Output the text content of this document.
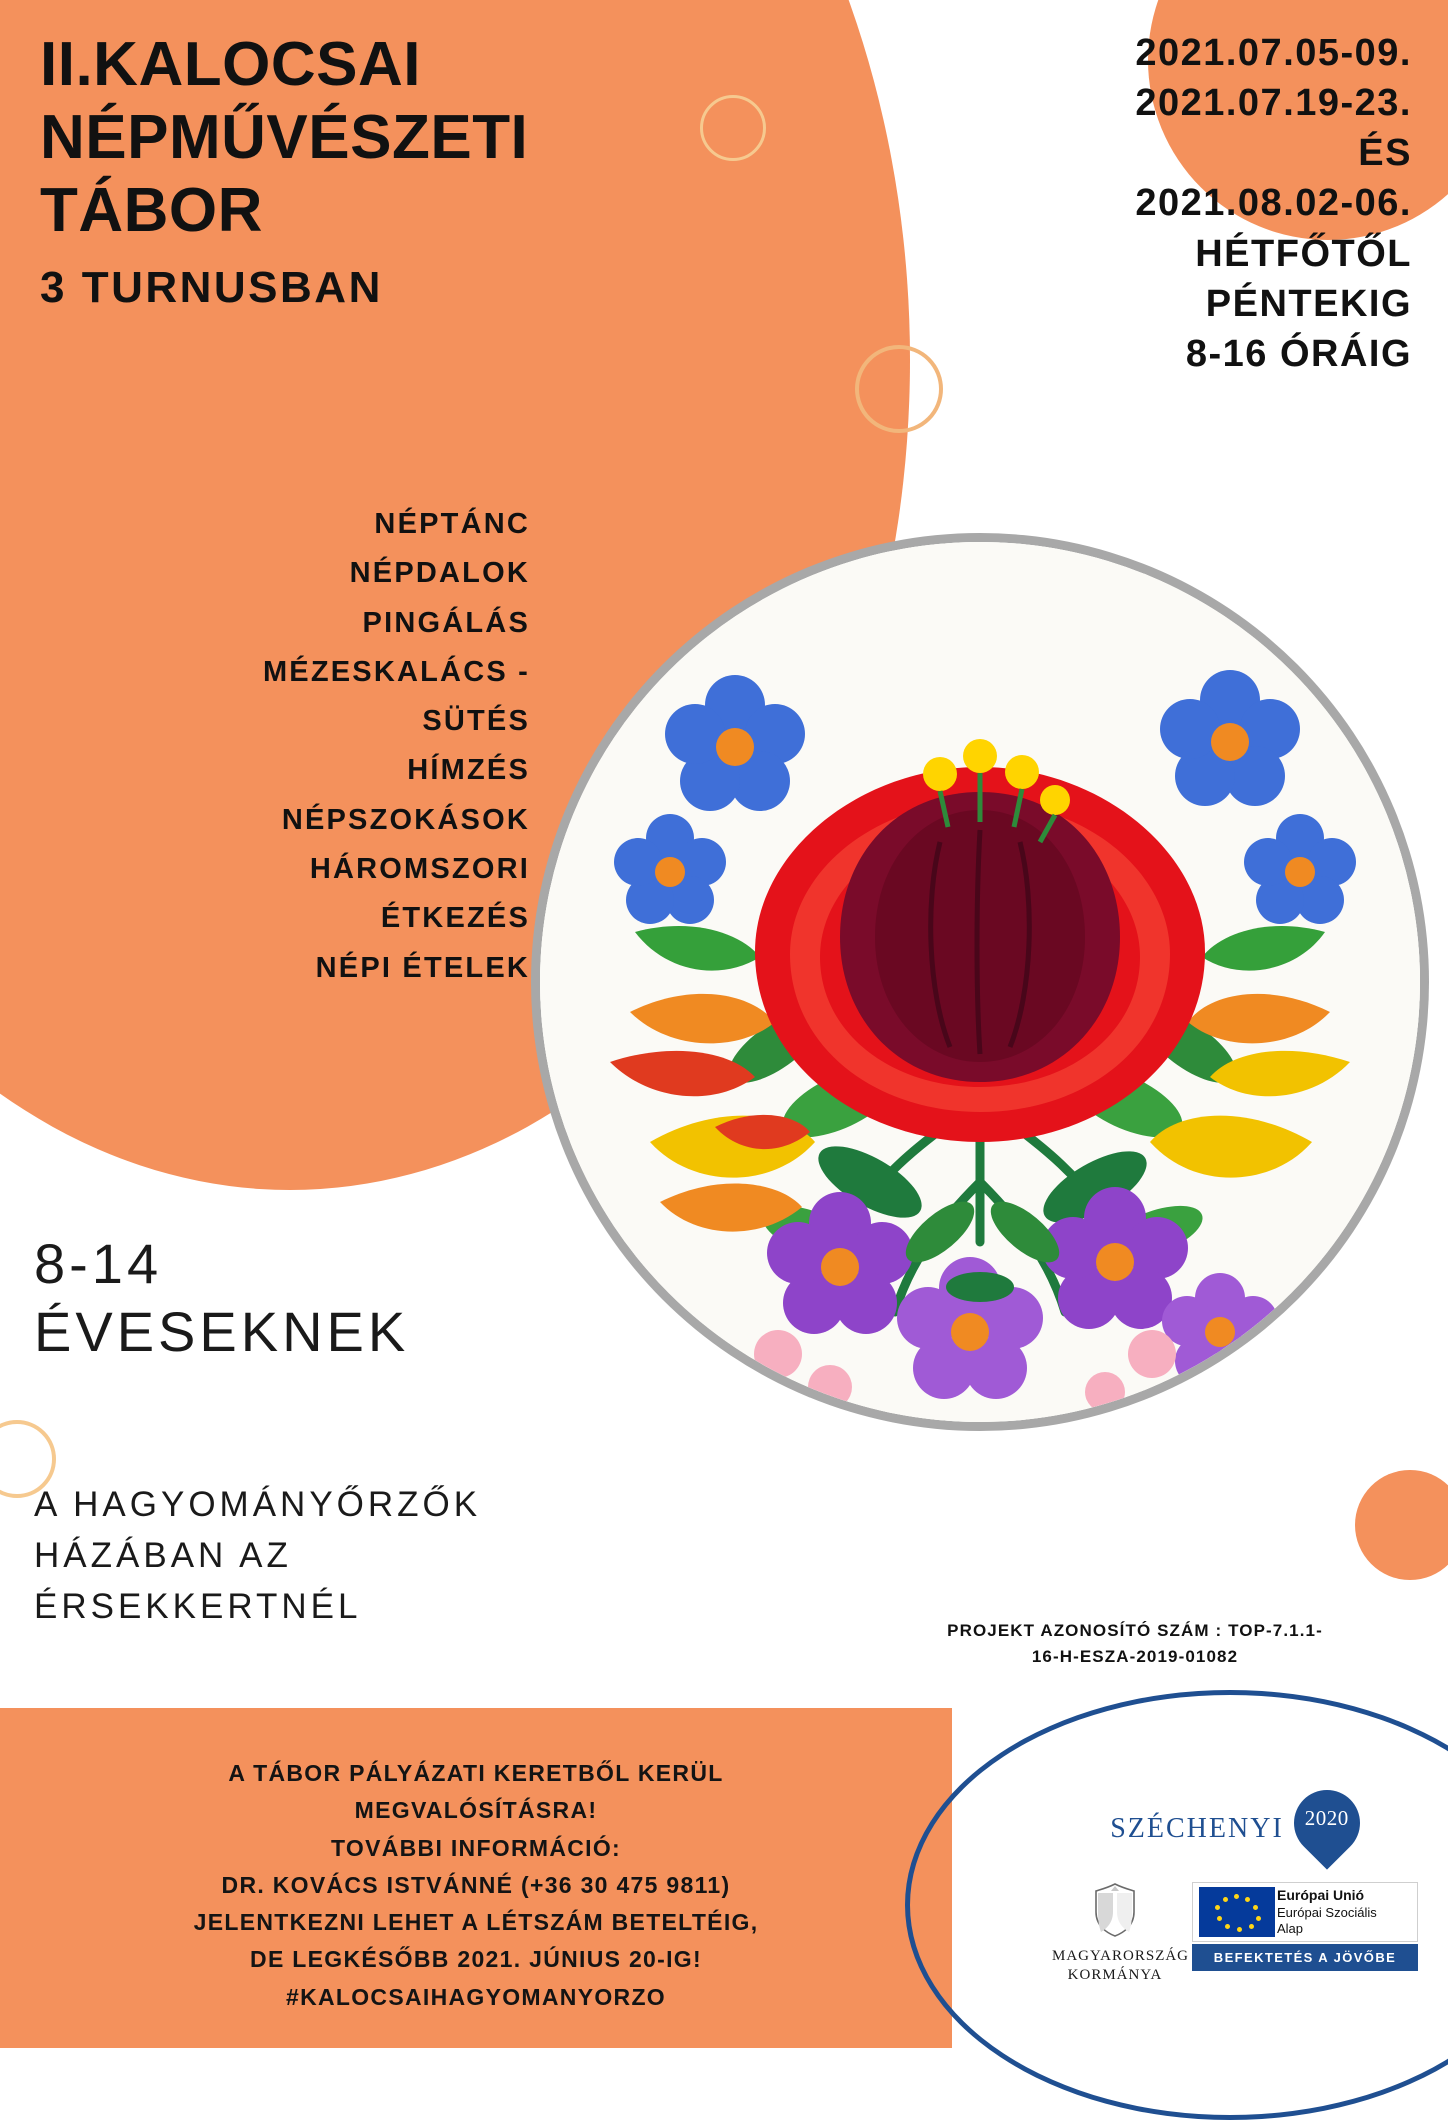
II.KALOCSAI
NÉPMŰVÉSZETI
TÁBOR
3 TURNUSBAN
2021.07.05-09.
2021.07.19-23.
ÉS
2021.08.02-06.
HÉTFŐTŐL
PÉNTEKIG
8-16 ÓRÁIG
NÉPTÁNC
NÉPDALOK
PINGÁLÁS
MÉZESKALÁCS -
SÜTÉS
HÍMZÉS
NÉPSZOKÁSOK
HÁROMSZORI
ÉTKEZÉS
NÉPI ÉTELEK
8-14
ÉVESEKNEK
A HAGYOMÁNYŐRZŐK
HÁZÁBAN AZ
ÉRSEKKERTNÉL
PROJEKT AZONOSÍTÓ SZÁM : TOP-7.1.1-
16-H-ESZA-2019-01082
A TÁBOR PÁLYÁZATI KERETBŐL KERÜL
MEGVALÓSÍTÁSRA!
TOVÁBBI INFORMÁCIÓ:
DR. KOVÁCS ISTVÁNNÉ (+36 30 475 9811)
JELENTKEZNI LEHET A LÉTSZÁM BETELTÉIG,
DE LEGKÉSŐBB 2021. JÚNIUS 20-IG!
#KALOCSAIHAGYOMANYORZO
SZÉCHENYI	2020
MAGYARORSZÁG
KORMÁNYA
Európai Unió
Európai Szociális
Alap
BEFEKTETÉS A JÖVŐBE
